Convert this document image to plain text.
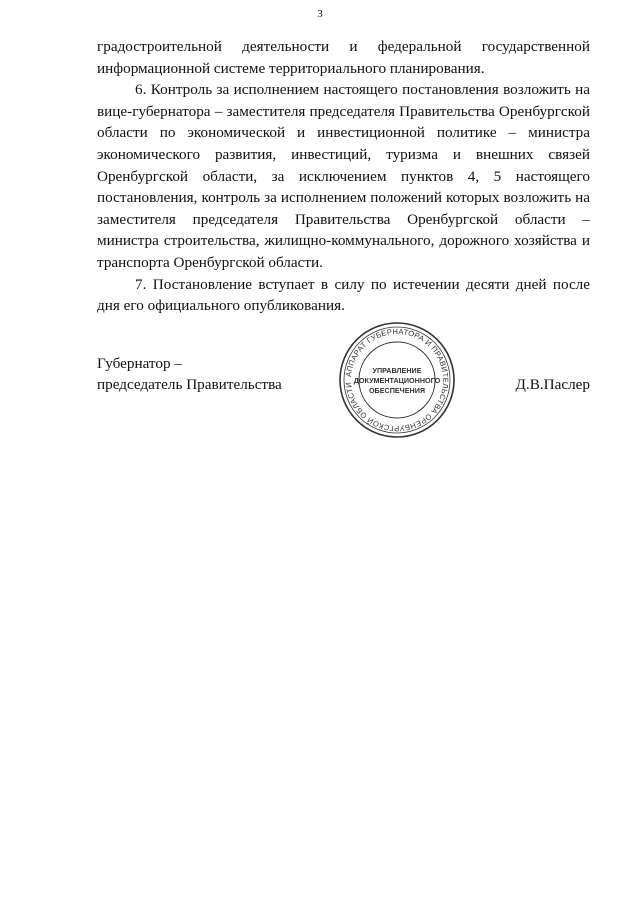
3

градостроительной деятельности и федеральной государственной информационной системе территориального планирования.

6. Контроль за исполнением настоящего постановления возложить на вице-губернатора – заместителя председателя Правительства Оренбургской области по экономической и инвестиционной политике – министра экономического развития, инвестиций, туризма и внешних связей Оренбургской области, за исключением пунктов 4, 5 настоящего постановления, контроль за исполнением положений которых возложить на заместителя председателя Правительства Оренбургской области – министра строительства, жилищно-коммунального, дорожного хозяйства и транспорта Оренбургской области.

7. Постановление вступает в силу по истечении десяти дней после дня его официального опубликования.

Губернатор –
председатель Правительства	Д.В.Паслер
АППАРАТ ГУБЕРНАТОРА И ПРАВИТЕЛЬСТВА ОРЕНБУРГСКОЙ ОБЛАСТИ
УПРАВЛЕНИЕ
ДОКУМЕНТАЦИОННОГО
ОБЕСПЕЧЕНИЯ
